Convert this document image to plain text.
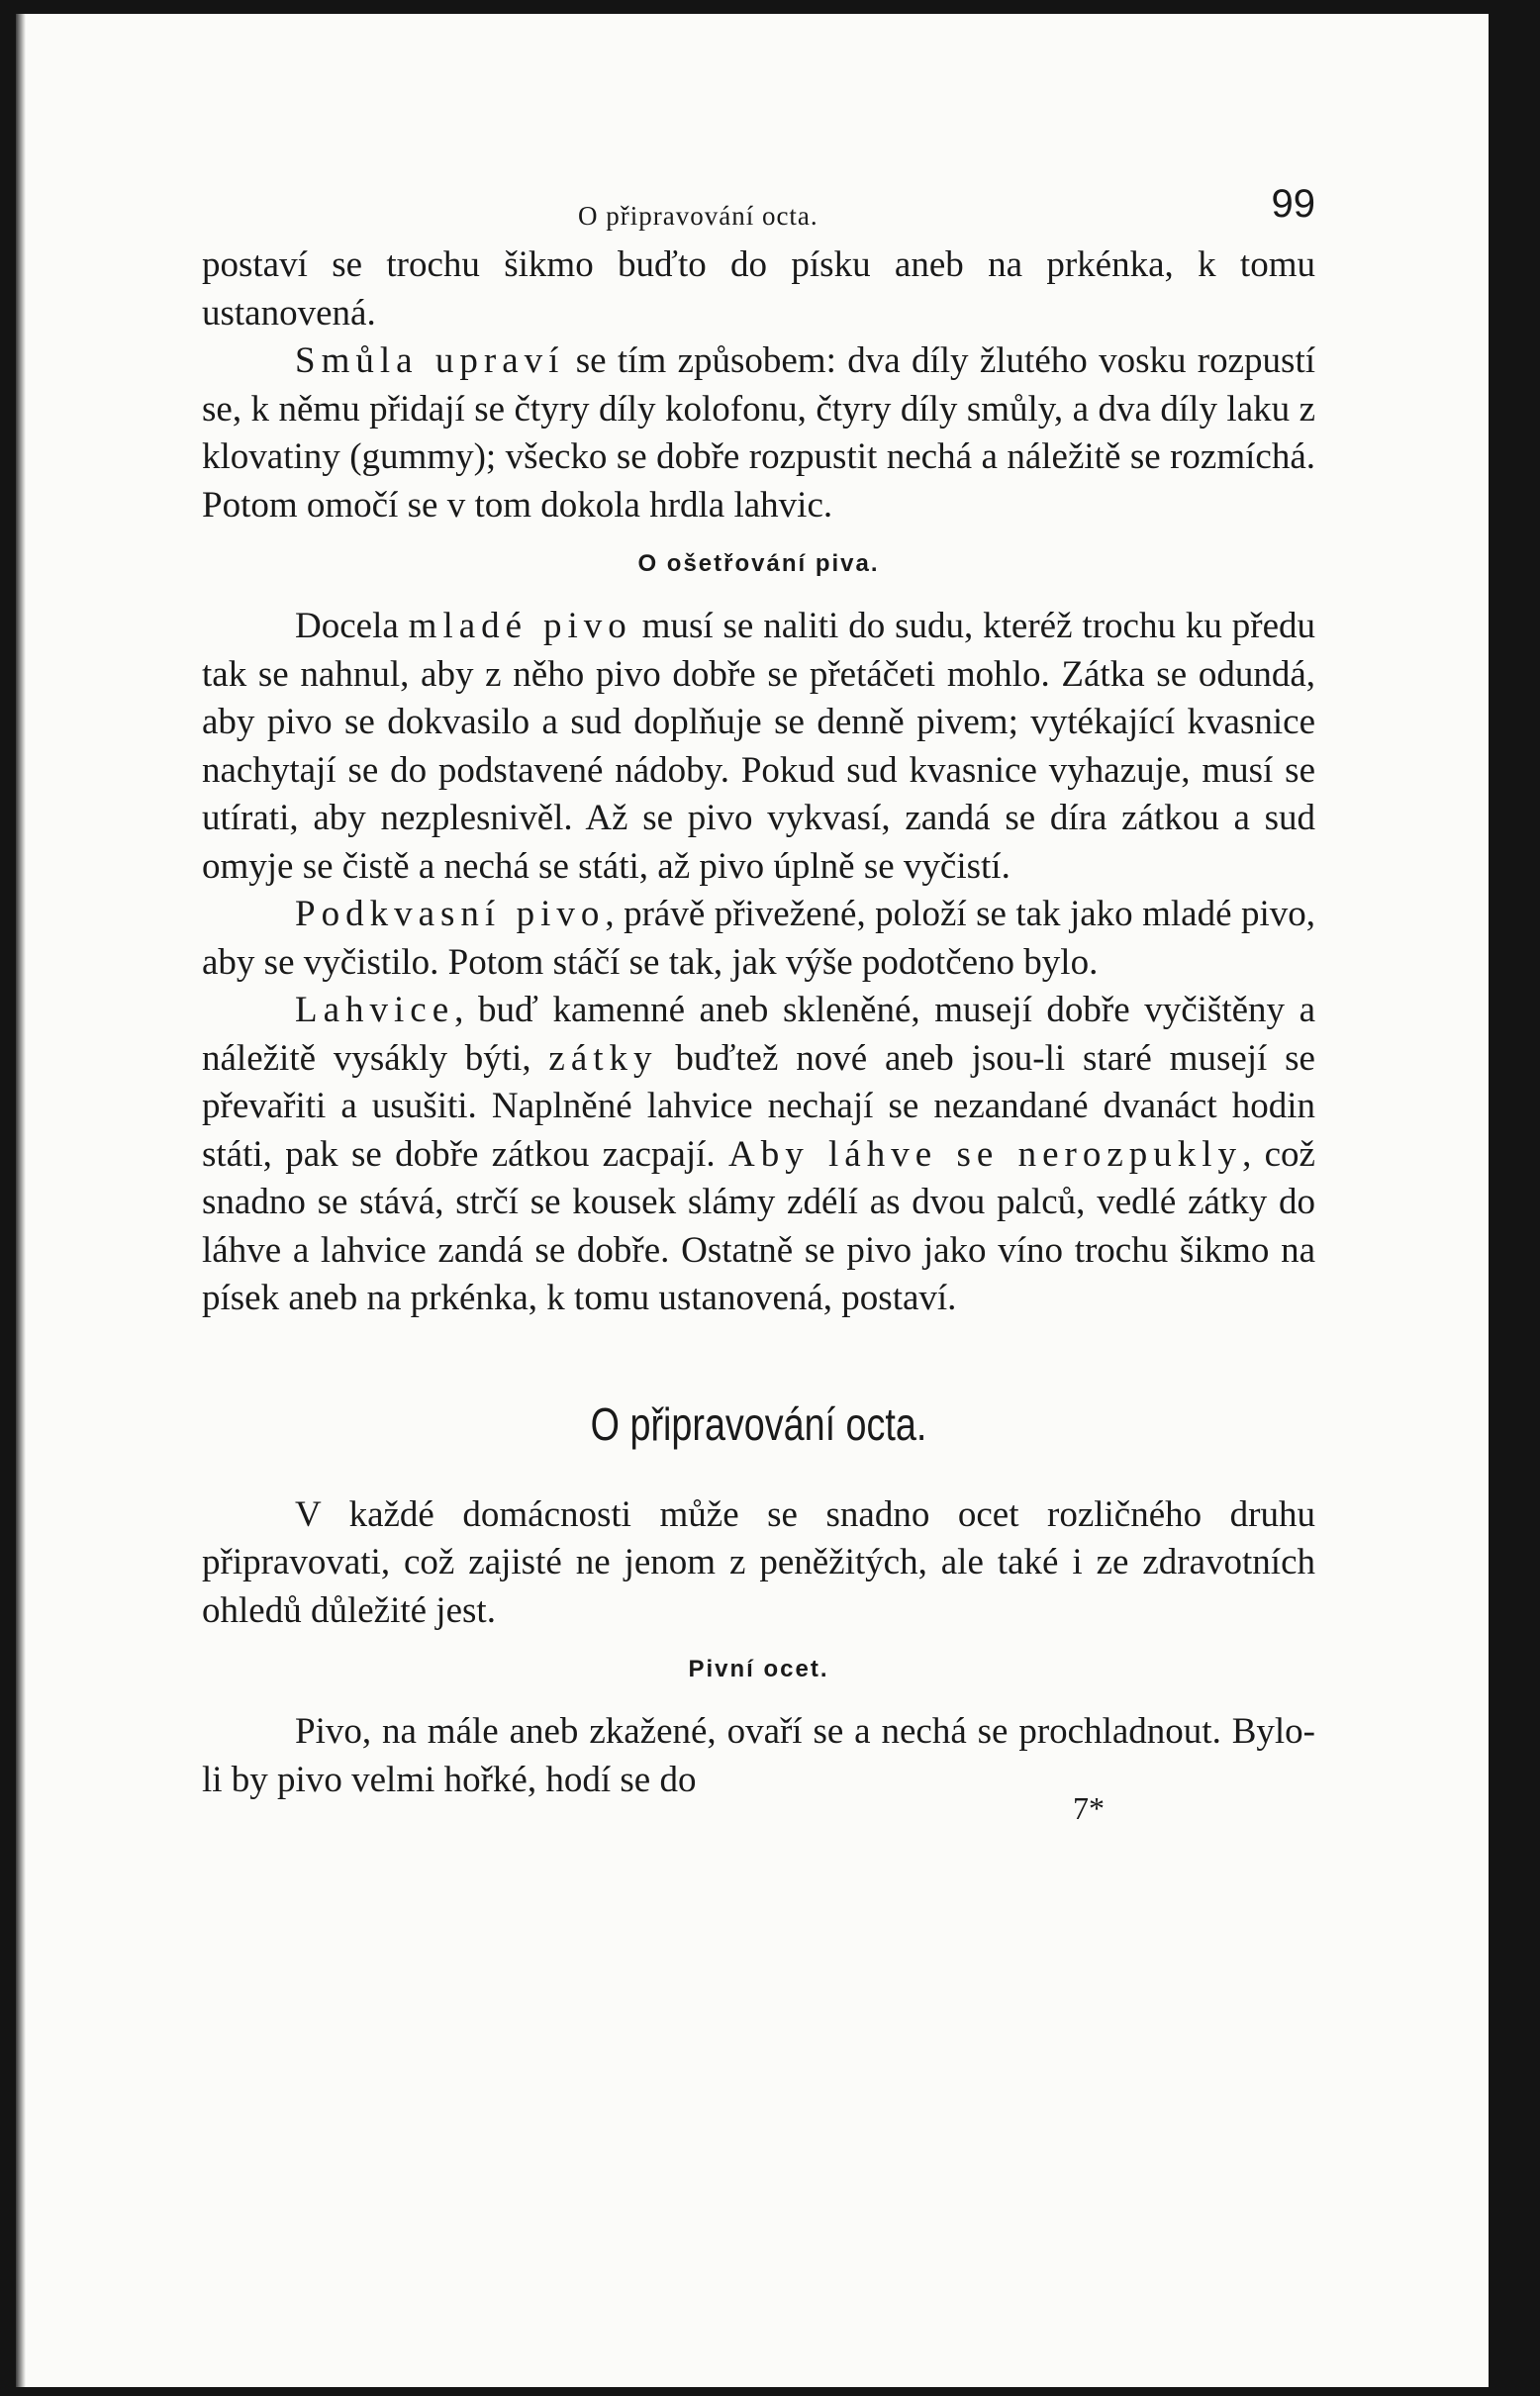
O připravování octa.	99

postaví se trochu šikmo buďto do písku aneb na prkénka, k tomu ustanovená.

Smůla upraví se tím způsobem: dva díly žlutého vosku rozpustí se, k němu přidají se čtyry díly kolofonu, čtyry díly smůly, a dva díly laku z klovatiny (gummy); všecko se dobře rozpustit nechá a náležitě se rozmíchá. Potom omočí se v tom dokola hrdla lahvic.

O ošetřování piva.

Docela mladé pivo musí se naliti do sudu, kteréž trochu ku předu tak se nahnul, aby z něho pivo dobře se přetáčeti mohlo. Zátka se odundá, aby pivo se dokvasilo a sud doplňuje se denně pivem; vytékající kvasnice nachytají se do podstavené nádoby. Pokud sud kvasnice vyhazuje, musí se utírati, aby nezplesnivěl. Až se pivo vykvasí, zandá se díra zátkou a sud omyje se čistě a nechá se státi, až pivo úplně se vyčistí.

Podkvasní pivo, právě přivežené, položí se tak jako mladé pivo, aby se vyčistilo. Potom stáčí se tak, jak výše podotčeno bylo.

Lahvice, buď kamenné aneb skleněné, musejí dobře vyčištěny a náležitě vysákly býti, zátky buďtež nové aneb jsou-li staré musejí se převařiti a usušiti. Naplněné lahvice nechají se nezandané dvanáct hodin státi, pak se dobře zátkou zacpají. Aby láhve se nerozpukly, což snadno se stává, strčí se kousek slámy zdélí as dvou palců, vedlé zátky do láhve a lahvice zandá se dobře. Ostatně se pivo jako víno trochu šikmo na písek aneb na prkénka, k tomu ustanovená, postaví.

O připravování octa.

V každé domácnosti může se snadno ocet rozličného druhu připravovati, což zajisté ne jenom z peněžitých, ale také i ze zdravotních ohledů důležité jest.

Pivní ocet.

Pivo, na mále aneb zkažené, ovaří se a nechá se prochladnout. Bylo-li by pivo velmi hořké, hodí se do

7*
